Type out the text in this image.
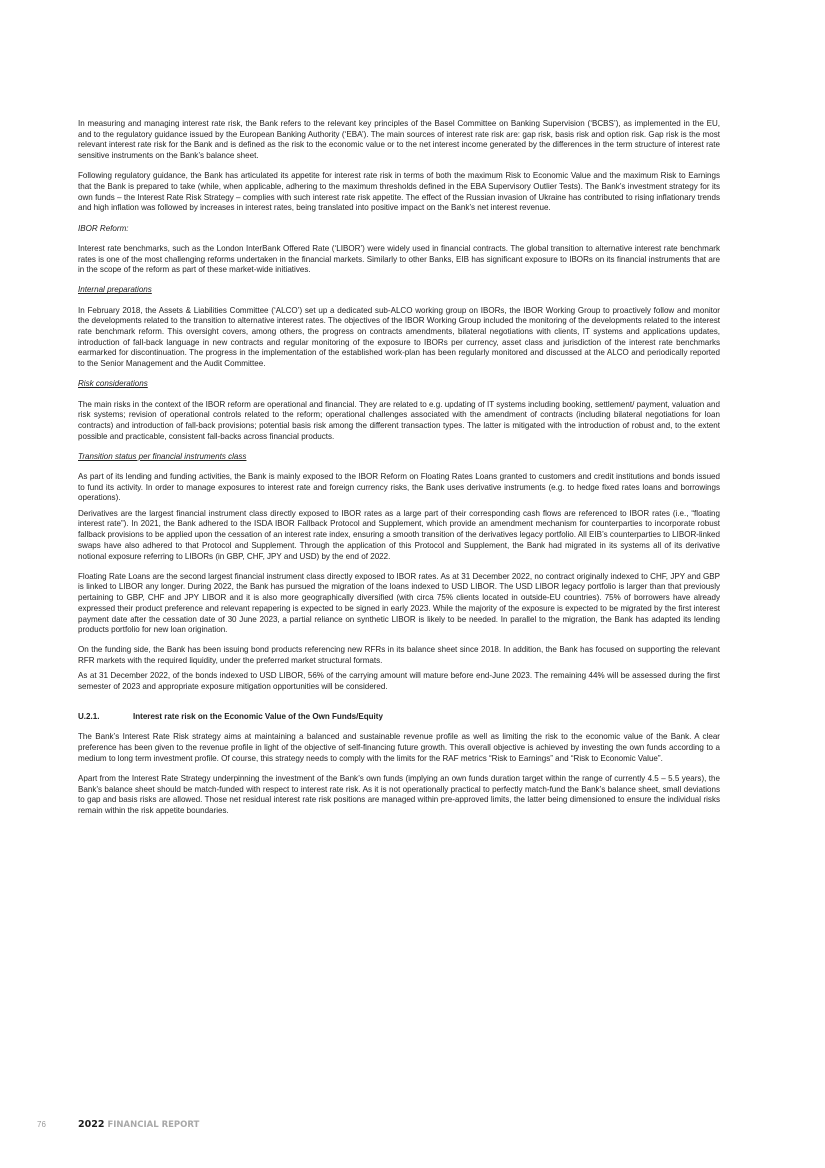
In measuring and managing interest rate risk, the Bank refers to the relevant key principles of the Basel Committee on Banking Supervision (‘BCBS’), as implemented in the EU, and to the regulatory guidance issued by the European Banking Authority (‘EBA’). The main sources of interest rate risk are: gap risk, basis risk and option risk. Gap risk is the most relevant interest rate risk for the Bank and is defined as the risk to the economic value or to the net interest income generated by the differences in the term structure of interest rate sensitive instruments on the Bank’s balance sheet.

Following regulatory guidance, the Bank has articulated its appetite for interest rate risk in terms of both the maximum Risk to Economic Value and the maximum Risk to Earnings that the Bank is prepared to take (while, when applicable, adhering to the maximum thresholds defined in the EBA Supervisory Outlier Tests). The Bank’s investment strategy for its own funds – the Interest Rate Risk Strategy – complies with such interest rate risk appetite. The effect of the Russian invasion of Ukraine has contributed to rising inflationary trends and high inflation was followed by increases in interest rates, being translated into positive impact on the Bank’s net interest revenue.

IBOR Reform:

Interest rate benchmarks, such as the London InterBank Offered Rate (‘LIBOR’) were widely used in financial contracts. The global transition to alternative interest rate benchmark rates is one of the most challenging reforms undertaken in the financial markets. Similarly to other Banks, EIB has significant exposure to IBORs on its financial instruments that are in the scope of the reform as part of these market-wide initiatives.

Internal preparations

In February 2018, the Assets & Liabilities Committee (‘ALCO’) set up a dedicated sub-ALCO working group on IBORs, the IBOR Working Group to proactively follow and monitor the developments related to the transition to alternative interest rates. The objectives of the IBOR Working Group included the monitoring of the developments related to the interest rate benchmark reform. This oversight covers, among others, the progress on contracts amendments, bilateral negotiations with clients, IT systems and applications updates, introduction of fall-back language in new contracts and regular monitoring of the exposure to IBORs per currency, asset class and jurisdiction of the interest rate benchmarks earmarked for discontinuation. The progress in the implementation of the established work-plan has been regularly monitored and discussed at the ALCO and periodically reported to the Senior Management and the Audit Committee.

Risk considerations

The main risks in the context of the IBOR reform are operational and financial. They are related to e.g. updating of IT systems including booking, settlement/ payment, valuation and risk systems; revision of operational controls related to the reform; operational challenges associated with the amendment of contracts (including bilateral negotiations for loan contracts) and introduction of fall-back provisions; potential basis risk among the different transaction types. The latter is mitigated with the introduction of robust and, to the extent possible and practicable, consistent fall-backs across financial products.

Transition status per financial instruments class

As part of its lending and funding activities, the Bank is mainly exposed to the IBOR Reform on Floating Rates Loans granted to customers and credit institutions and bonds issued to fund its activity. In order to manage exposures to interest rate and foreign currency risks, the Bank uses derivative instruments (e.g. to hedge fixed rates loans and borrowings operations).

Derivatives are the largest financial instrument class directly exposed to IBOR rates as a large part of their corresponding cash flows are referenced to IBOR rates (i.e., “floating interest rate”). In 2021, the Bank adhered to the ISDA IBOR Fallback Protocol and Supplement, which provide an amendment mechanism for counterparties to incorporate robust fallback provisions to be applied upon the cessation of an interest rate index, ensuring a smooth transition of the derivatives legacy portfolio. All EIB’s counterparties to LIBOR-linked swaps have also adhered to that Protocol and Supplement. Through the application of this Protocol and Supplement, the Bank had migrated in its systems all of its derivative notional exposure referring to LIBORs (in GBP, CHF, JPY and USD) by the end of 2022.

Floating Rate Loans are the second largest financial instrument class directly exposed to IBOR rates. As at 31 December 2022, no contract originally indexed to CHF, JPY and GBP is linked to LIBOR any longer. During 2022, the Bank has pursued the migration of the loans indexed to USD LIBOR. The USD LIBOR legacy portfolio is larger than that previously pertaining to GBP, CHF and JPY LIBOR and it is also more geographically diversified (with circa 75% clients located in outside-EU countries). 75% of borrowers have already expressed their product preference and relevant repapering is expected to be signed in early 2023. While the majority of the exposure is expected to be migrated by the first interest payment date after the cessation date of 30 June 2023, a partial reliance on synthetic LIBOR is likely to be needed. In parallel to the migration, the Bank has adapted its lending products portfolio for new loan origination.

On the funding side, the Bank has been issuing bond products referencing new RFRs in its balance sheet since 2018. In addition, the Bank has focused on supporting the relevant RFR markets with the required liquidity, under the preferred market structural formats.

As at 31 December 2022, of the bonds indexed to USD LIBOR, 56% of the carrying amount will mature before end-June 2023. The remaining 44% will be assessed during the first semester of 2023 and appropriate exposure mitigation opportunities will be considered.

U.2.1.	Interest rate risk on the Economic Value of the Own Funds/Equity

The Bank’s Interest Rate Risk strategy aims at maintaining a balanced and sustainable revenue profile as well as limiting the risk to the economic value of the Bank. A clear preference has been given to the revenue profile in light of the objective of self-financing future growth. This overall objective is achieved by investing the own funds according to a medium to long term investment profile. Of course, this strategy needs to comply with the limits for the RAF metrics “Risk to Earnings” and “Risk to Economic Value”.

Apart from the Interest Rate Strategy underpinning the investment of the Bank’s own funds (implying an own funds duration target within the range of currently 4.5 – 5.5 years), the Bank’s balance sheet should be match-funded with respect to interest rate risk. As it is not operationally practical to perfectly match-fund the Bank’s balance sheet, small deviations to gap and basis risks are allowed. Those net residual interest rate risk positions are managed within pre-approved limits, the latter being dimensioned to ensure the individual risks remain within the risk appetite boundaries.

76	2022 FINANCIAL REPORT
